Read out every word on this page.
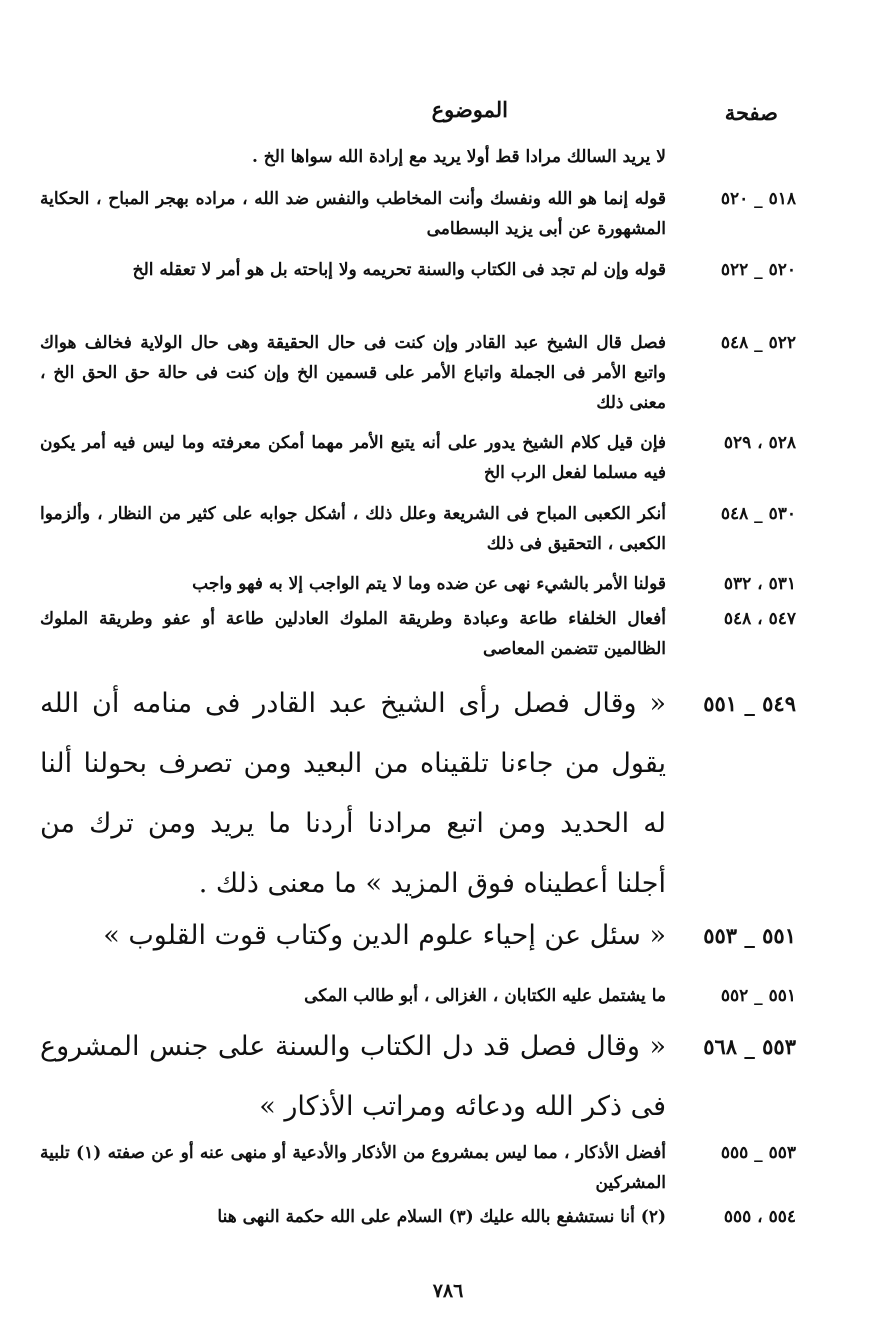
صفحة
الموضوع
لا يريد السالك مرادا قط أولا يريد مع إرادة الله سواها الخ .
٥١٨ _ ٥٢٠
قوله إنما هو الله ونفسك وأنت المخاطب والنفس ضد الله ، مراده بهجر المباح ، الحكاية المشهورة عن أبى يزيد البسطامى
٥٢٠ _ ٥٢٢
قوله وإن لم تجد فى الكتاب والسنة تحريمه ولا إباحته بل هو أمر لا تعقله الخ
٥٢٢ _ ٥٤٨
فصل قال الشيخ عبد القادر وإن كنت فى حال الحقيقة وهى حال الولاية فخالف هواك واتبع الأمر فى الجملة واتباع الأمر على قسمين الخ وإن كنت فى حالة حق الحق الخ ، معنى ذلك
٥٢٨ ، ٥٢٩
فإن قيل كلام الشيخ يدور على أنه يتبع الأمر مهما أمكن معرفته وما ليس فيه أمر يكون فيه مسلما لفعل الرب الخ
٥٣٠ _ ٥٤٨
أنكر الكعبى المباح فى الشريعة وعلل ذلك ، أشكل جوابه على كثير من النظار ، وألزموا الكعبى ، التحقيق فى ذلك
٥٣١ ، ٥٣٢
قولنا الأمر بالشيء نهى عن ضده وما لا يتم الواجب إلا به فهو واجب
٥٤٧ ، ٥٤٨
أفعال الخلفاء طاعة وعبادة وطريقة الملوك العادلين طاعة أو عفو وطريقة الملوك الظالمين تتضمن المعاصى
٥٤٩ _ ٥٥١
« وقال فصل رأى الشيخ عبد القادر فى منامه أن الله يقول من جاءنا تلقيناه من البعيد ومن تصرف بحولنا ألنا له الحديد ومن اتبع مرادنا أردنا ما يريد ومن ترك من أجلنا أعطيناه فوق المزيد » ما معنى ذلك .
٥٥١ _ ٥٥٣
« سئل عن إحياء علوم الدين وكتاب قوت القلوب »
٥٥١ _ ٥٥٢
ما يشتمل عليه الكتابان ، الغزالى ، أبو طالب المكى
٥٥٣ _ ٥٦٨
« وقال فصل قد دل الكتاب والسنة على جنس المشروع فى ذكر الله ودعائه ومراتب الأذكار »
٥٥٣ _ ٥٥٥
أفضل الأذكار ، مما ليس بمشروع من الأذكار والأدعية أو منهى عنه أو عن صفته (١) تلبية المشركين
٥٥٤ ، ٥٥٥
(٢) أنا نستشفع بالله عليك (٣) السلام على الله حكمة النهى هنا
٧٨٦
